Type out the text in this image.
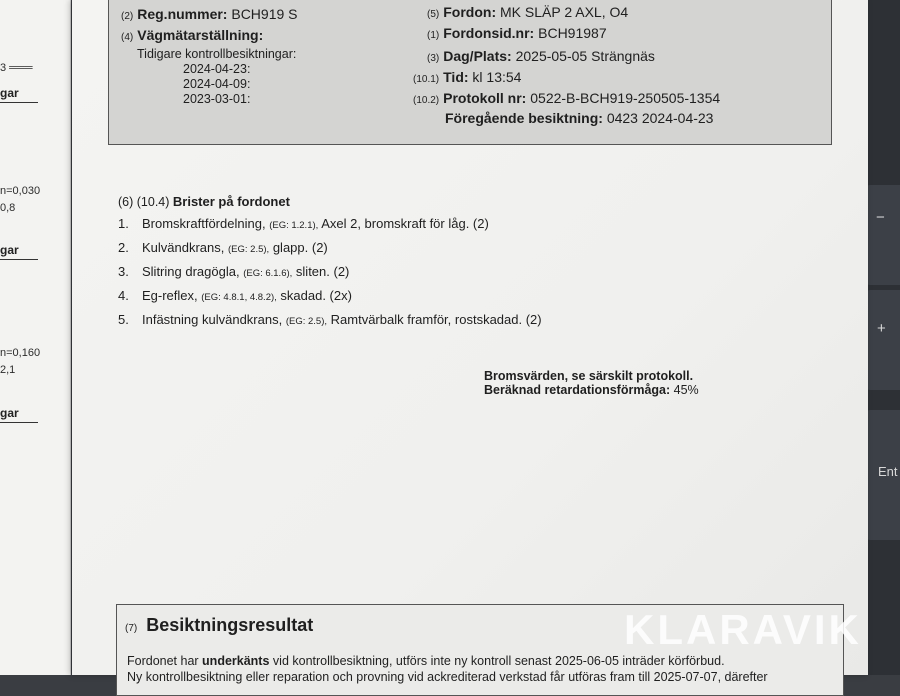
−
+
Ent
3 ═══
gar
n=0,030
0,8
gar
n=0,160
2,1
gar
(2) Reg.nummer: BCH919 S
(4) Vägmätarställning:
Tidigare kontrollbesiktningar:
2024-04-23:
2024-04-09:
2023-03-01:
(5) Fordon: MK SLÄP 2 AXL, O4
(1) Fordonsid.nr: BCH91987
(3) Dag/Plats: 2025-05-05 Strängnäs
(10.1) Tid: kl 13:54
(10.2) Protokoll nr: 0522-B-BCH919-250505-1354
Föregående besiktning: 0423 2024-04-23
(6) (10.4) Brister på fordonet
1. Bromskraftfördelning, (EG: 1.2.1), Axel 2, bromskraft för låg. (2)
2. Kulvändkrans, (EG: 2.5), glapp. (2)
3. Slitring dragögla, (EG: 6.1.6), sliten. (2)
4. Eg-reflex, (EG: 4.8.1, 4.8.2), skadad. (2x)
5. Infästning kulvändkrans, (EG: 2.5), Ramtvärbalk framför, rostskadad. (2)
Bromsvärden, se särskilt protokoll.
Beräknad retardationsförmåga: 45%
(7) Besiktningsresultat
Fordonet har underkänts vid kontrollbesiktning, utförs inte ny kontroll senast 2025-06-05 inträder körförbud.
Ny kontrollbesiktning eller reparation och provning vid ackrediterad verkstad får utföras fram till 2025-07-07, därefter
KLARAVIK
